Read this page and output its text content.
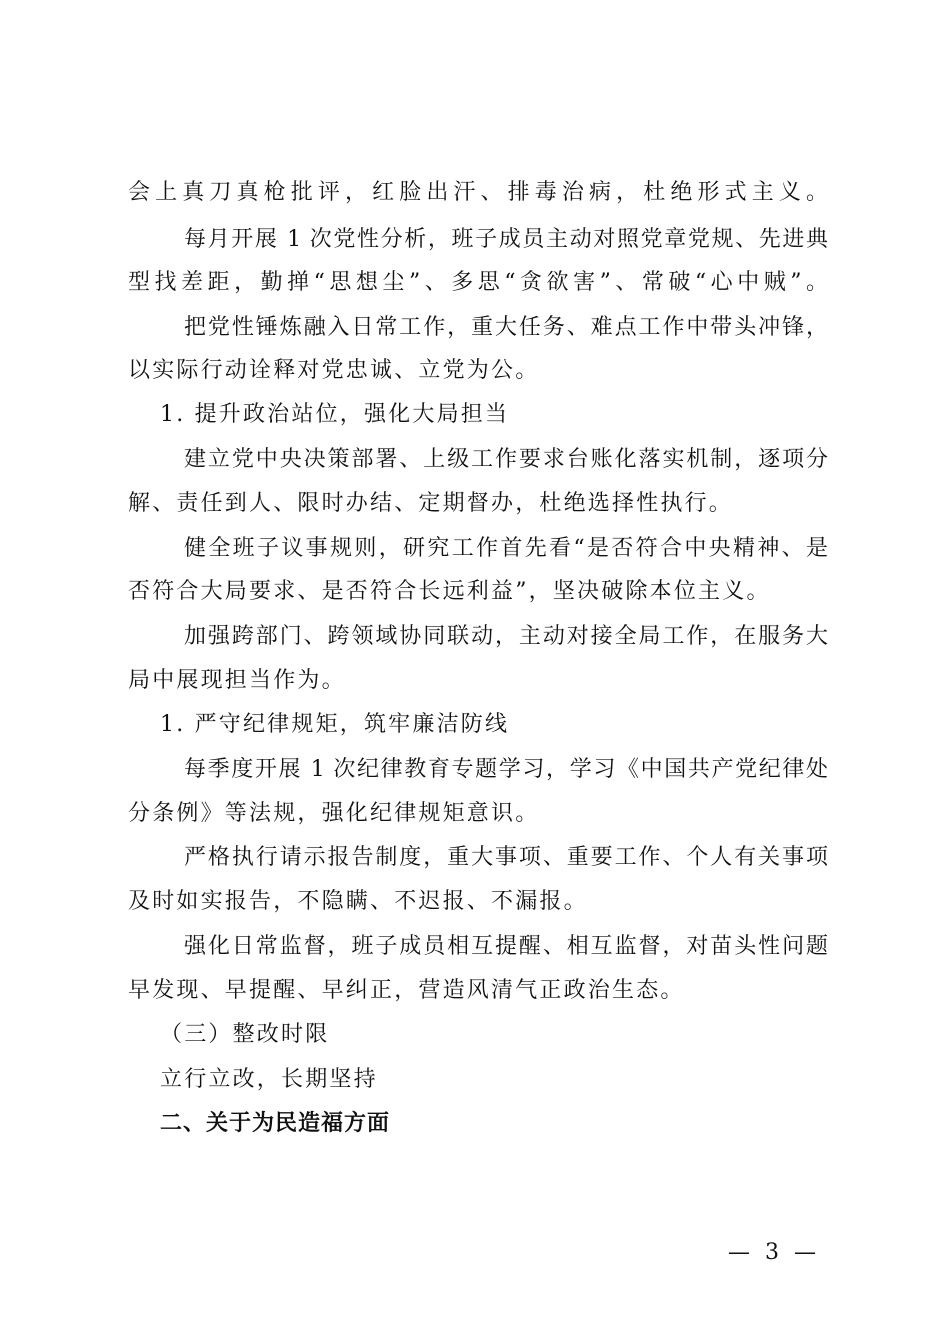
会上真刀真枪批评，红脸出汗、排毒治病，杜绝形式主义。
每月开展 1 次党性分析，班子成员主动对照党章党规、先进典
型找差距，勤掸“思想尘”、多思“贪欲害”、常破“心中贼”。
把党性锤炼融入日常工作，重大任务、难点工作中带头冲锋，
以实际行动诠释对党忠诚、立党为公。
1. 提升政治站位，强化大局担当
建立党中央决策部署、上级工作要求台账化落实机制，逐项分
解、责任到人、限时办结、定期督办，杜绝选择性执行。
健全班子议事规则，研究工作首先看“是否符合中央精神、是
否符合大局要求、是否符合长远利益”，坚决破除本位主义。
加强跨部门、跨领域协同联动，主动对接全局工作，在服务大
局中展现担当作为。
1. 严守纪律规矩，筑牢廉洁防线
每季度开展 1 次纪律教育专题学习，学习《中国共产党纪律处
分条例》等法规，强化纪律规矩意识。
严格执行请示报告制度，重大事项、重要工作、个人有关事项
及时如实报告，不隐瞒、不迟报、不漏报。
强化日常监督，班子成员相互提醒、相互监督，对苗头性问题
早发现、早提醒、早纠正，营造风清气正政治生态。
（三）整改时限
立行立改，长期坚持
二、关于为民造福方面
— 3 —
